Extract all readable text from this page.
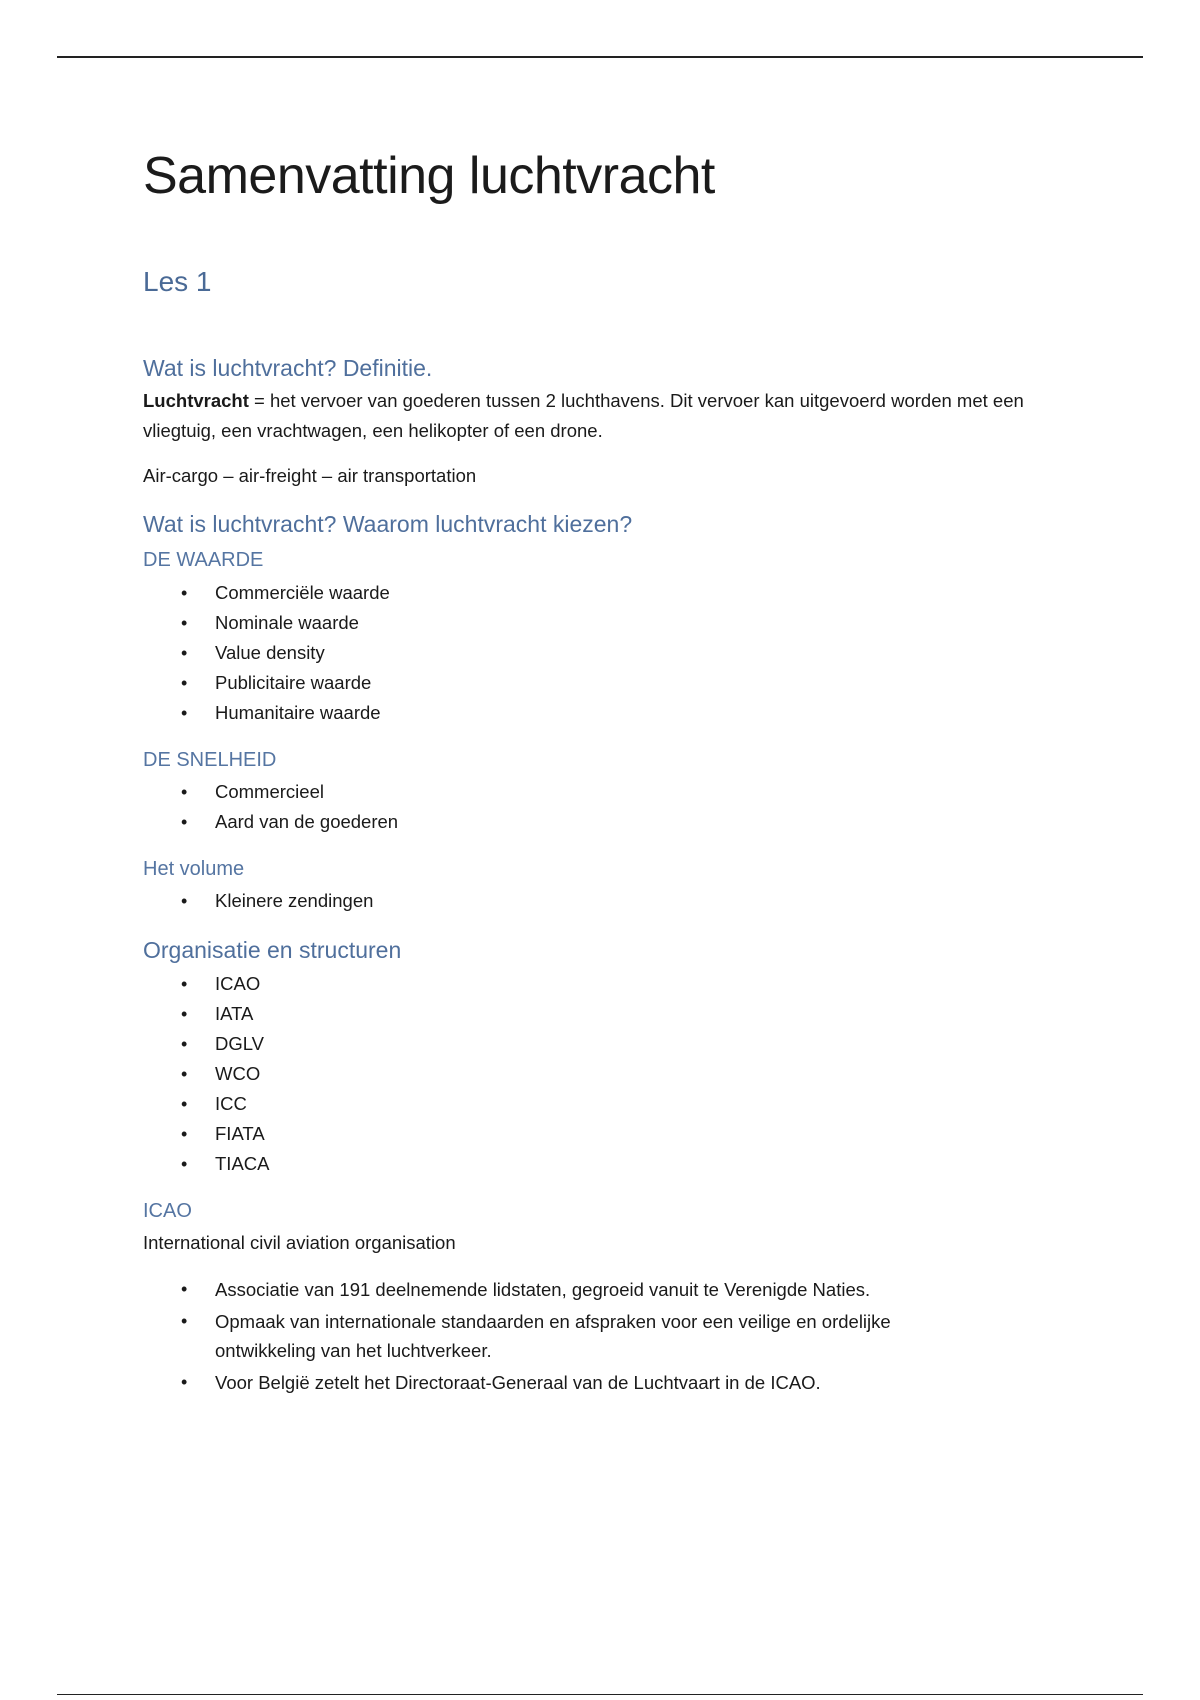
Samenvatting luchtvracht
Les 1
Wat is luchtvracht? Definitie.
Luchtvracht = het vervoer van goederen tussen 2 luchthavens. Dit vervoer kan uitgevoerd worden met een vliegtuig, een vrachtwagen, een helikopter of een drone.
Air-cargo – air-freight – air transportation
Wat is luchtvracht? Waarom luchtvracht kiezen?
DE WAARDE
• Commerciële waarde
• Nominale waarde
• Value density
• Publicitaire waarde
• Humanitaire waarde
DE SNELHEID
• Commercieel
• Aard van de goederen
Het volume
• Kleinere zendingen
Organisatie en structuren
• ICAO
• IATA
• DGLV
• WCO
• ICC
• FIATA
• TIACA
ICAO
International civil aviation organisation
• Associatie van 191 deelnemende lidstaten, gegroeid vanuit te Verenigde Naties.
• Opmaak van internationale standaarden en afspraken voor een veilige en ordelijke ontwikkeling van het luchtverkeer.
• Voor België zetelt het Directoraat-Generaal van de Luchtvaart in de ICAO.
